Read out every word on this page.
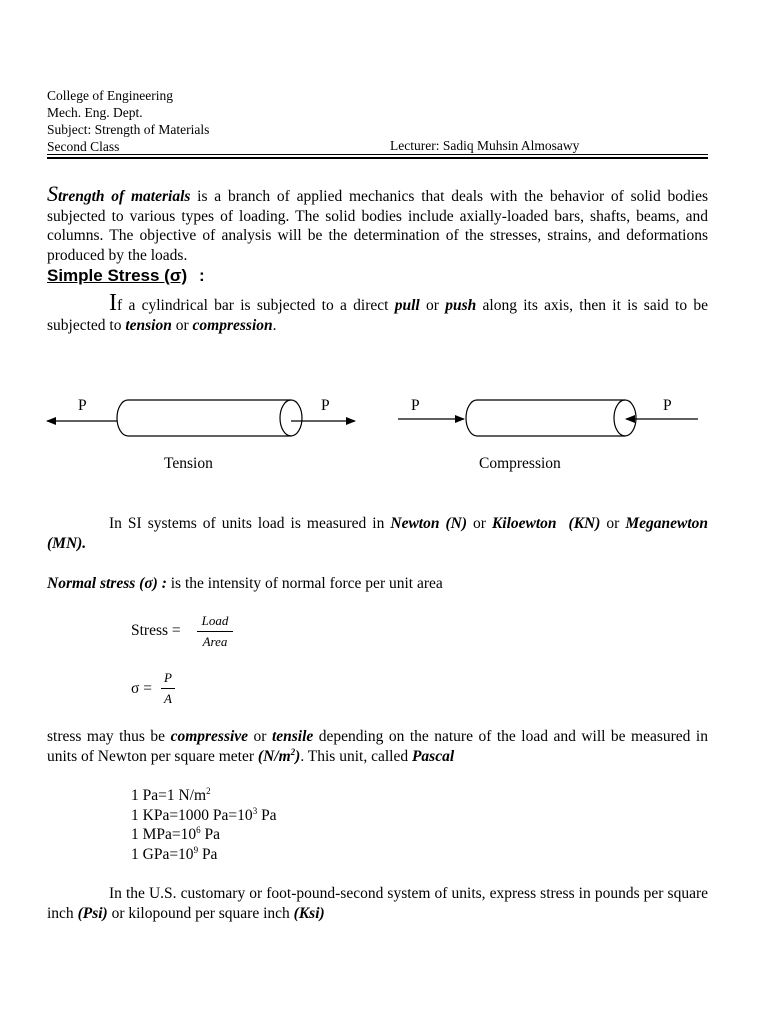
College of Engineering
Mech. Eng. Dept.
Subject: Strength of Materials
Second Class	Lecturer: Sadiq Muhsin Almosawy
Strength of materials is a branch of applied mechanics that deals with the behavior of solid bodies subjected to various types of loading. The solid bodies include axially-loaded bars, shafts, beams, and columns. The objective of analysis will be the determination of the stresses, strains, and deformations produced by the loads.
Simple Stress (σ) :
If a cylindrical bar is subjected to a direct pull or push along its axis, then it is said to be subjected to tension or compression.
P	P	P	P
Tension	Compression
In SI systems of units load is measured in Newton (N) or Kiloewton  (KN) or Meganewton (MN).
Normal stress (σ) : is the intensity of normal force per unit area
Stress =
Load
Area
σ =
P
A
stress may thus be compressive or tensile depending on the nature of the load and will be measured in units of Newton per square meter $(N/m^2)$. This unit, called Pascal
1 Pa=1 $N/m^2$
1 KPa=1000 $Pa=10^3$ Pa
1 $MPa=10^6$ Pa
1 $GPa=10^9$ Pa
In the U.S. customary or foot-pound-second system of units, express stress in pounds per square inch (Psi) or kilopound per square inch (Ksi)
